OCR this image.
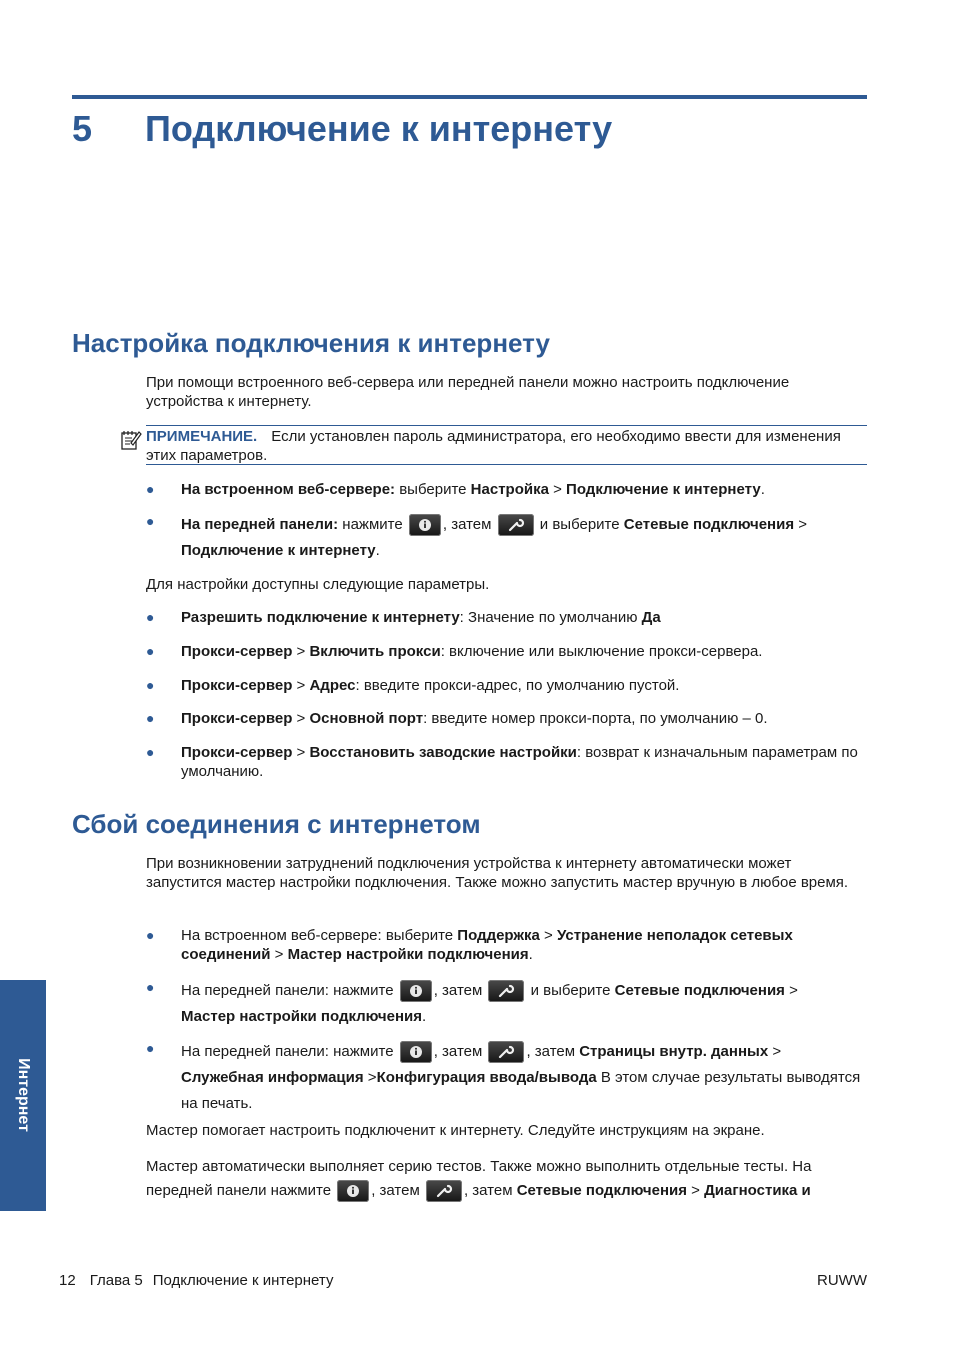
5 Подключение к интернету
Настройка подключения к интернету

При помощи встроенного веб-сервера или передней панели можно настроить подключение устройства к интернету.

ПРИМЕЧАНИЕ. Если установлен пароль администратора, его необходимо ввести для изменения этих параметров.
●	На встроенном веб-сервере: выберите Настройка > Подключение к интернету.
●	На передней панели: нажмите
, затем	и выберите Сетевые подключения >
Подключение к интернету.

Для настройки доступны следующие параметры.

●	Разрешить подключение к интернету: Значение по умолчанию Да
●	Прокси-сервер > Включить прокси: включение или выключение прокси-сервера.
●	Прокси-сервер > Адрес: введите прокси-адрес, по умолчанию пустой.
●	Прокси-сервер > Основной порт: введите номер прокси-порта, по умолчанию – 0.
●	Прокси-сервер > Восстановить заводские настройки: возврат к изначальным параметрам по умолчанию.
Сбой соединения с интернетом

При возникновении затруднений подключения устройства к интернету автоматически может запустится мастер настройки подключения. Также можно запустить мастер вручную в любое время.

●	На встроенном веб-сервере: выберите Поддержка > Устранение неполадок сетевых соединений > Мастер настройки подключения.
●	На передней панели: нажмите
, затем	и выберите Сетевые подключения >
Мастер настройки подключения.
●	На передней панели: нажмите
, затем	, затем Страницы внутр. данных >
Служебная информация >Конфигурация ввода/вывода В этом случае результаты выводятся на печать.

Мастер помогает настроить подключенит к интернету. Следуйте инструкциям на экране.

Мастер автоматически выполняет серию тестов. Также можно выполнить отдельные тесты. На передней панели нажмите
, затем	, затем Сетевые подключения > Диагностика и

Интернет
12 Глава 5 Подключение к интернету	RUWW
